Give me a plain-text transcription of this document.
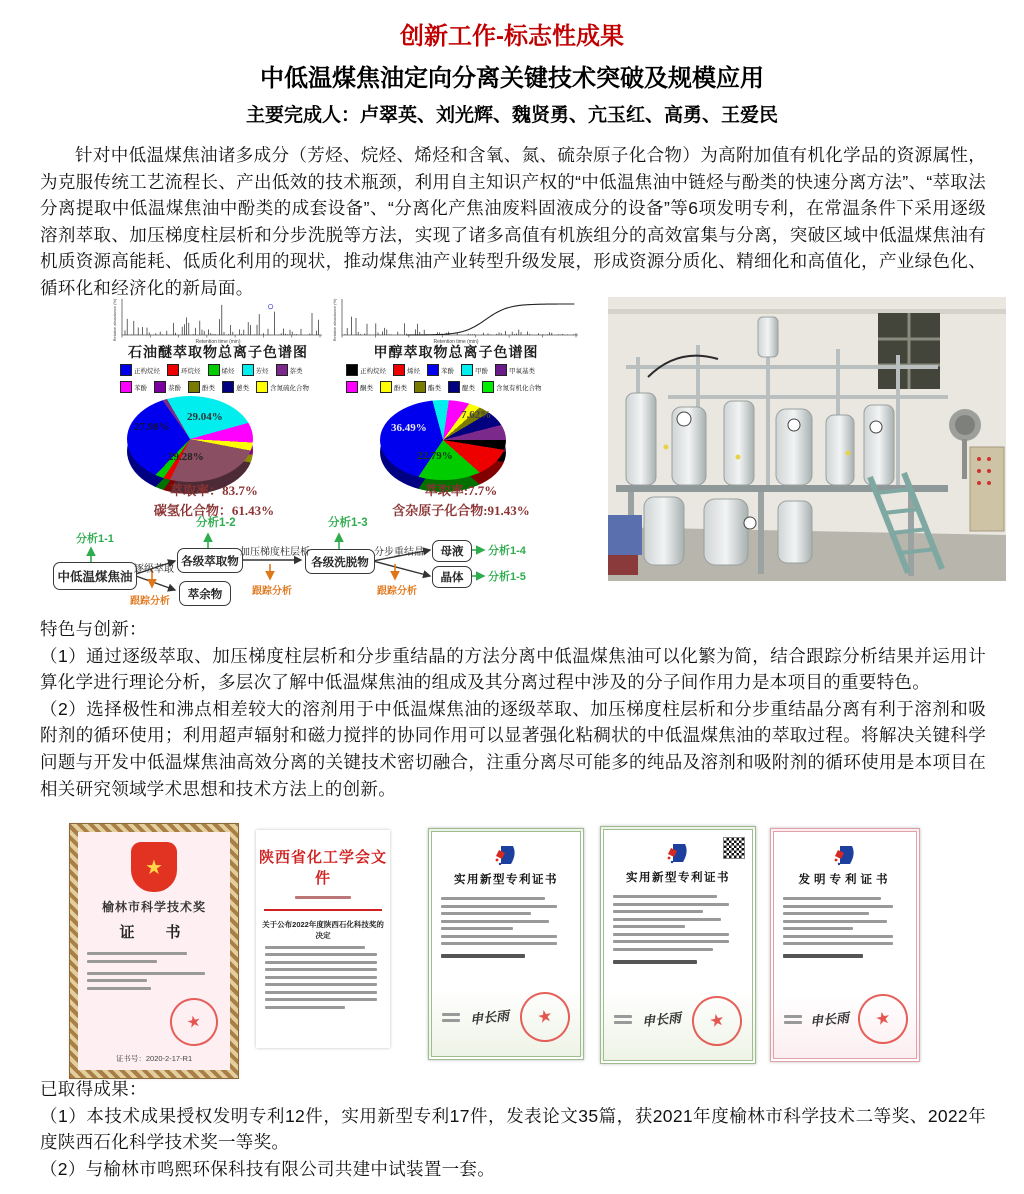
创新工作-标志性成果
中低温煤焦油定向分离关键技术突破及规模应用
主要完成人：卢翠英、刘光辉、魏贤勇、亢玉红、高勇、王爱民
针对中低温煤焦油诸多成分（芳烃、烷烃、烯烃和含氧、氮、硫杂原子化合物）为高附加值有机化学品的资源属性，为克服传统工艺流程长、产出低效的技术瓶颈，利用自主知识产权的“中低温焦油中链烃与酚类的快速分离方法”、“萃取法分离提取中低温煤焦油中酚类的成套设备”、“分离化产焦油废料固液成分的设备”等6项发明专利，在常温条件下采用逐级溶剂萃取、加压梯度柱层析和分步洗脱等方法，实现了诸多高值有机族组分的高效富集与分离，突破区域中低温煤焦油有机质资源高能耗、低质化利用的现状，推动煤焦油产业转型升级发展，形成资源分质化、精细化和高值化，产业绿色化、循环化和经济化的新局面。
Retention time (min)
Relative abundance (%)
Retention time (min)
Relative abundance (%)
石油醚萃取物总离子色谱图	甲醇萃取物总离子色谱图
正构烷烃	环烷烃	烯烃	芳烃	萘类
苯酚	萘酚	酚类	蒽类	含氮硫化合物
正构烷烃	烯烃	苯酚	甲酚	甲氧基类
酮类	酚类	酯类	醌类	含氮有机化合物
29.04%
29.28%
27.98%
7.62%
22.79%
36.49%
萃取率：83.7%
碳氢化合物：61.43%
萃取率:7.7%
含杂原子化合物:91.43%
分析1-2	分析1-3
中低温煤焦油
各级萃取物
萃余物
各级洗脱物
母液
晶体
逐级萃取
跟踪分析
加压梯度柱层析
跟踪分析
分步重结晶
跟踪分析
分析1-1
分析1-4
分析1-5
特色与创新：
（1）通过逐级萃取、加压梯度柱层析和分步重结晶的方法分离中低温煤焦油可以化繁为简，结合跟踪分析结果并运用计算化学进行理论分析，多层次了解中低温煤焦油的组成及其分离过程中涉及的分子间作用力是本项目的重要特色。
（2）选择极性和沸点相差较大的溶剂用于中低温煤焦油的逐级萃取、加压梯度柱层析和分步重结晶分离有利于溶剂和吸附剂的循环使用；利用超声辐射和磁力搅拌的协同作用可以显著强化粘稠状的中低温煤焦油的萃取过程。将解决关键科学问题与开发中低温煤焦油高效分离的关键技术密切融合，注重分离尽可能多的纯品及溶剂和吸附剂的循环使用是本项目在相关研究领域学术思想和技术方法上的创新。
★
榆林市科学技术奖
证　书
★
证书号：2020-2-17-R1
陕西省化工学会文件
关于公布2022年度陕西石化科技奖的决定
实用新型专利证书
申长雨	★
实用新型专利证书
申长雨	★
发明专利证书
申长雨	★
已取得成果：
（1）本技术成果授权发明专利12件，实用新型专利17件，发表论文35篇，获2021年度榆林市科学技术二等奖、2022年度陕西石化科学技术奖一等奖。
（2）与榆林市鸣熙环保科技有限公司共建中试装置一套。
